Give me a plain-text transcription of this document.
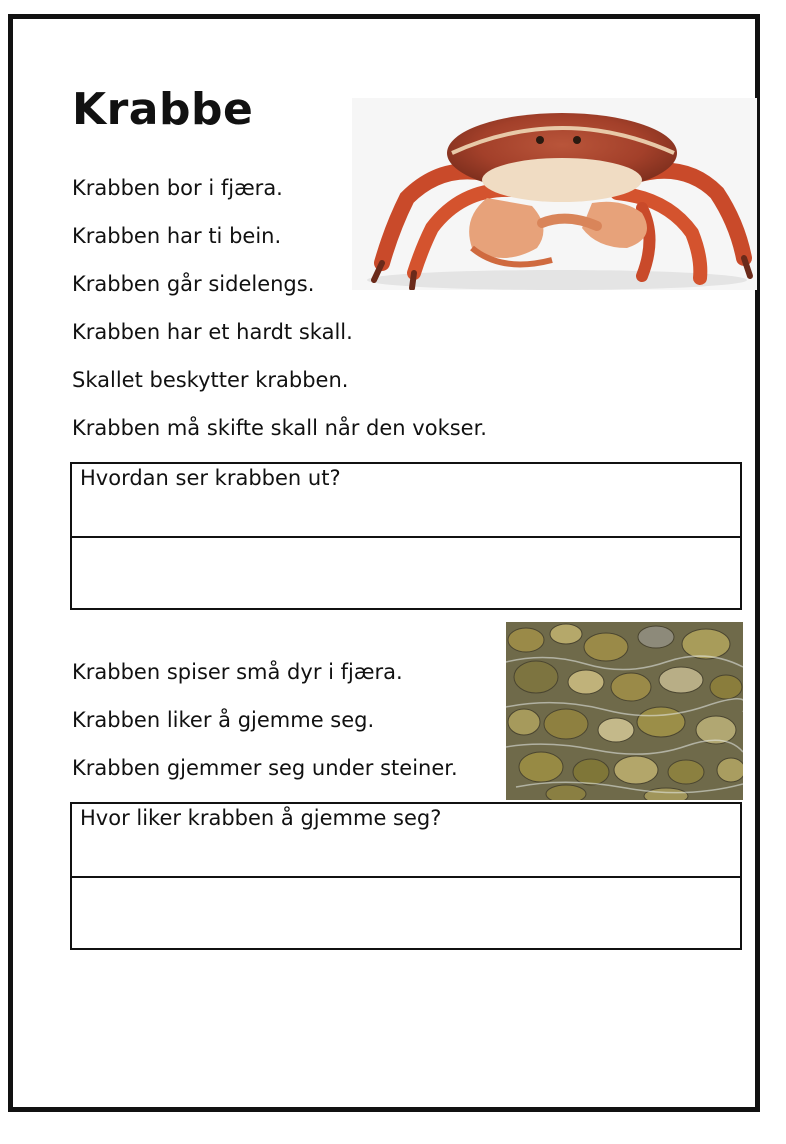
Krabbe
Krabben bor i fjæra.
Krabben har ti bein.
Krabben går sidelengs.
Krabben har et hardt skall.
Skallet beskytter krabben.
Krabben må skifte skall når den vokser.
Hvordan ser krabben ut?
Krabben spiser små dyr i fjæra.
Krabben liker å gjemme seg.
Krabben gjemmer seg under steiner.
Hvor liker krabben å gjemme seg?
